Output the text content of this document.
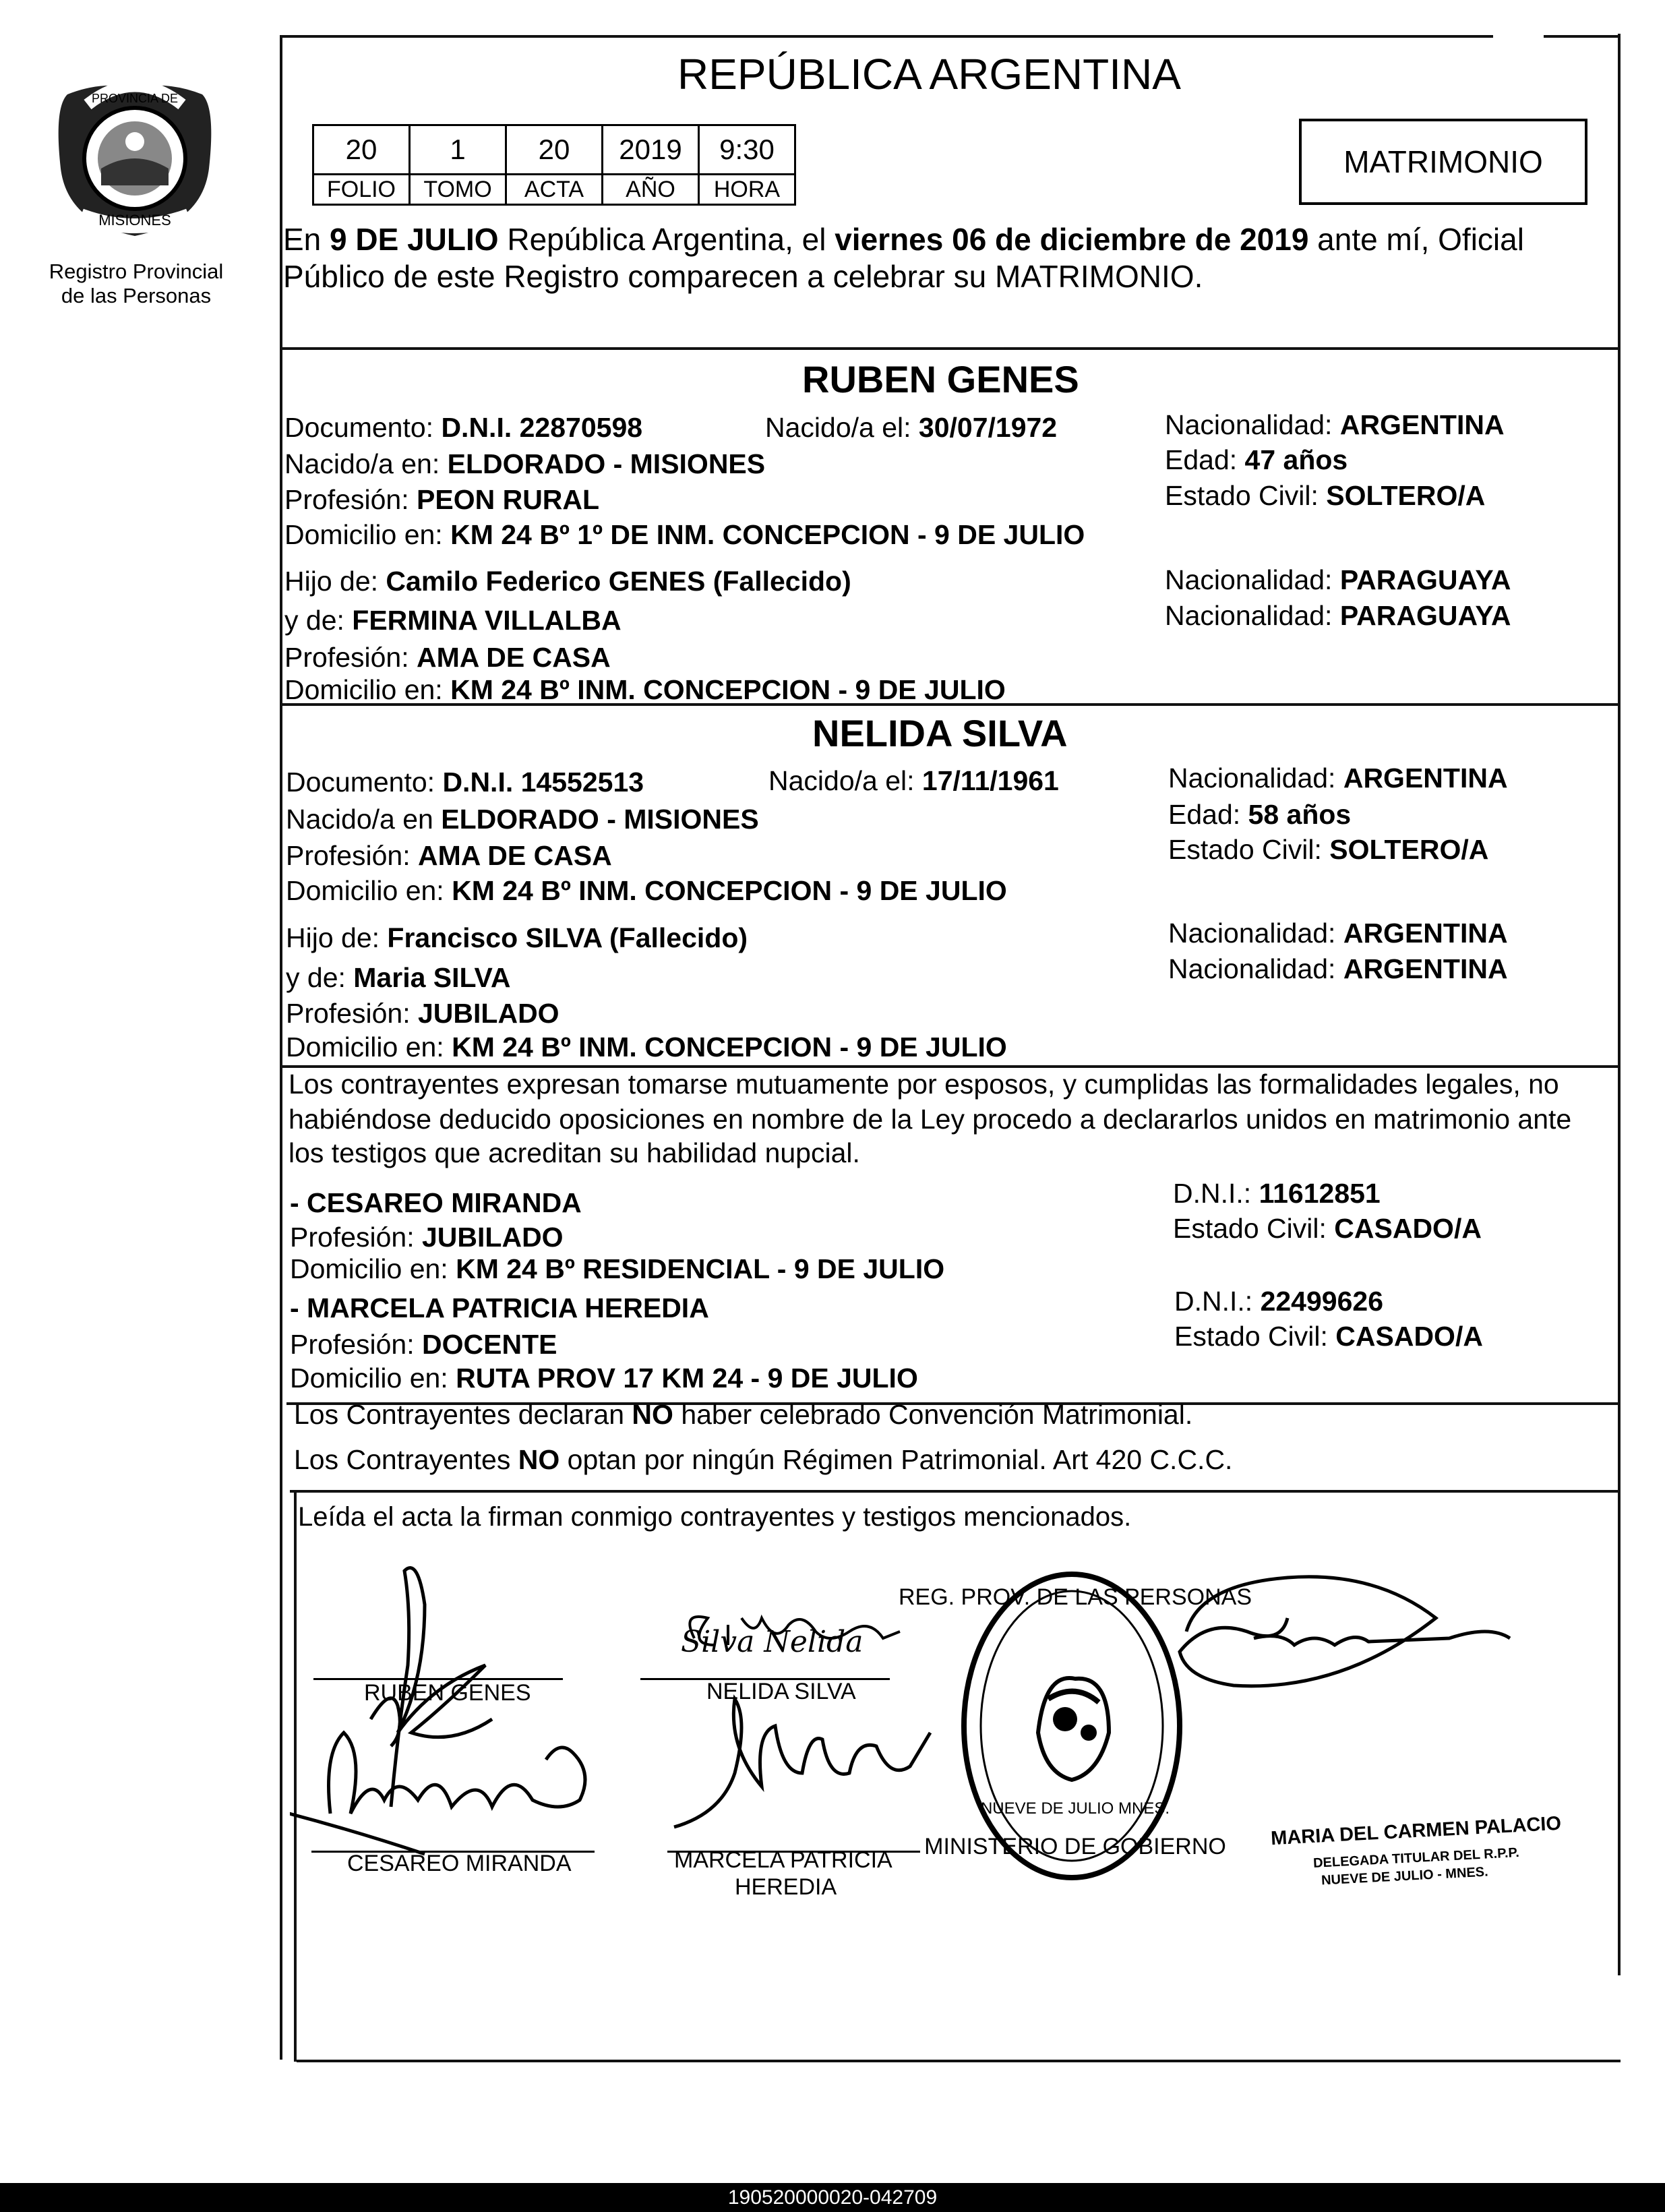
PROVINCIA DE
MISIONES
Registro Provincial
de las Personas
REPÚBLICA ARGENTINA
20	1	20	2019	9:30
FOLIO	TOMO	ACTA	AÑO	HORA
MATRIMONIO
En 9 DE JULIO República Argentina, el viernes 06 de diciembre de 2019 ante mí, Oficial
Público de este Registro comparecen a celebrar su MATRIMONIO.
RUBEN GENES
Documento: D.N.I. 22870598	Nacido/a el: 30/07/1972	Nacionalidad: ARGENTINA
Nacido/a en: ELDORADO - MISIONES	Edad: 47 años
Profesión: PEON RURAL	Estado Civil: SOLTERO/A
Domicilio en: KM 24 Bº 1º DE INM. CONCEPCION - 9 DE JULIO
Hijo de: Camilo Federico GENES (Fallecido)	Nacionalidad: PARAGUAYA
y de: FERMINA VILLALBA	Nacionalidad: PARAGUAYA
Profesión: AMA DE CASA
Domicilio en: KM 24 Bº INM. CONCEPCION - 9 DE JULIO
NELIDA SILVA
Documento: D.N.I. 14552513	Nacido/a el: 17/11/1961	Nacionalidad: ARGENTINA
Nacido/a en ELDORADO - MISIONES	Edad: 58 años
Profesión: AMA DE CASA	Estado Civil: SOLTERO/A
Domicilio en: KM 24 Bº INM. CONCEPCION - 9 DE JULIO
Hijo de: Francisco SILVA (Fallecido)	Nacionalidad: ARGENTINA
y de: Maria SILVA	Nacionalidad: ARGENTINA
Profesión: JUBILADO
Domicilio en: KM 24 Bº INM. CONCEPCION - 9 DE JULIO
Los contrayentes expresan tomarse mutuamente por esposos, y cumplidas las formalidades legales, no
habiéndose deducido oposiciones en nombre de la Ley procedo a declararlos unidos en matrimonio ante
los testigos que acreditan su habilidad nupcial.
- CESAREO MIRANDA	D.N.I.: 11612851
Profesión: JUBILADO	Estado Civil: CASADO/A
Domicilio en: KM 24 Bº RESIDENCIAL - 9 DE JULIO
- MARCELA PATRICIA HEREDIA	D.N.I.: 22499626
Profesión: DOCENTE	Estado Civil: CASADO/A
Domicilio en: RUTA PROV 17 KM 24 - 9 DE JULIO
Los Contrayentes declaran NO haber celebrado Convención Matrimonial.
Los Contrayentes NO optan por ningún Régimen Patrimonial. Art 420 C.C.C.
Leída el acta la firman conmigo contrayentes y testigos mencionados.
REG. PROV. DE LAS PERSONAS
MINISTERIO DE GOBIERNO
NUEVE DE JULIO MNES.
RUBEN GENES
Silva Nelida
NELIDA SILVA
CESAREO MIRANDA	MARCELA PATRICIA
HEREDIA
MARIA DEL CARMEN PALACIO
DELEGADA TITULAR DEL R.P.P.
NUEVE DE JULIO - MNES.
190520000020-042709
